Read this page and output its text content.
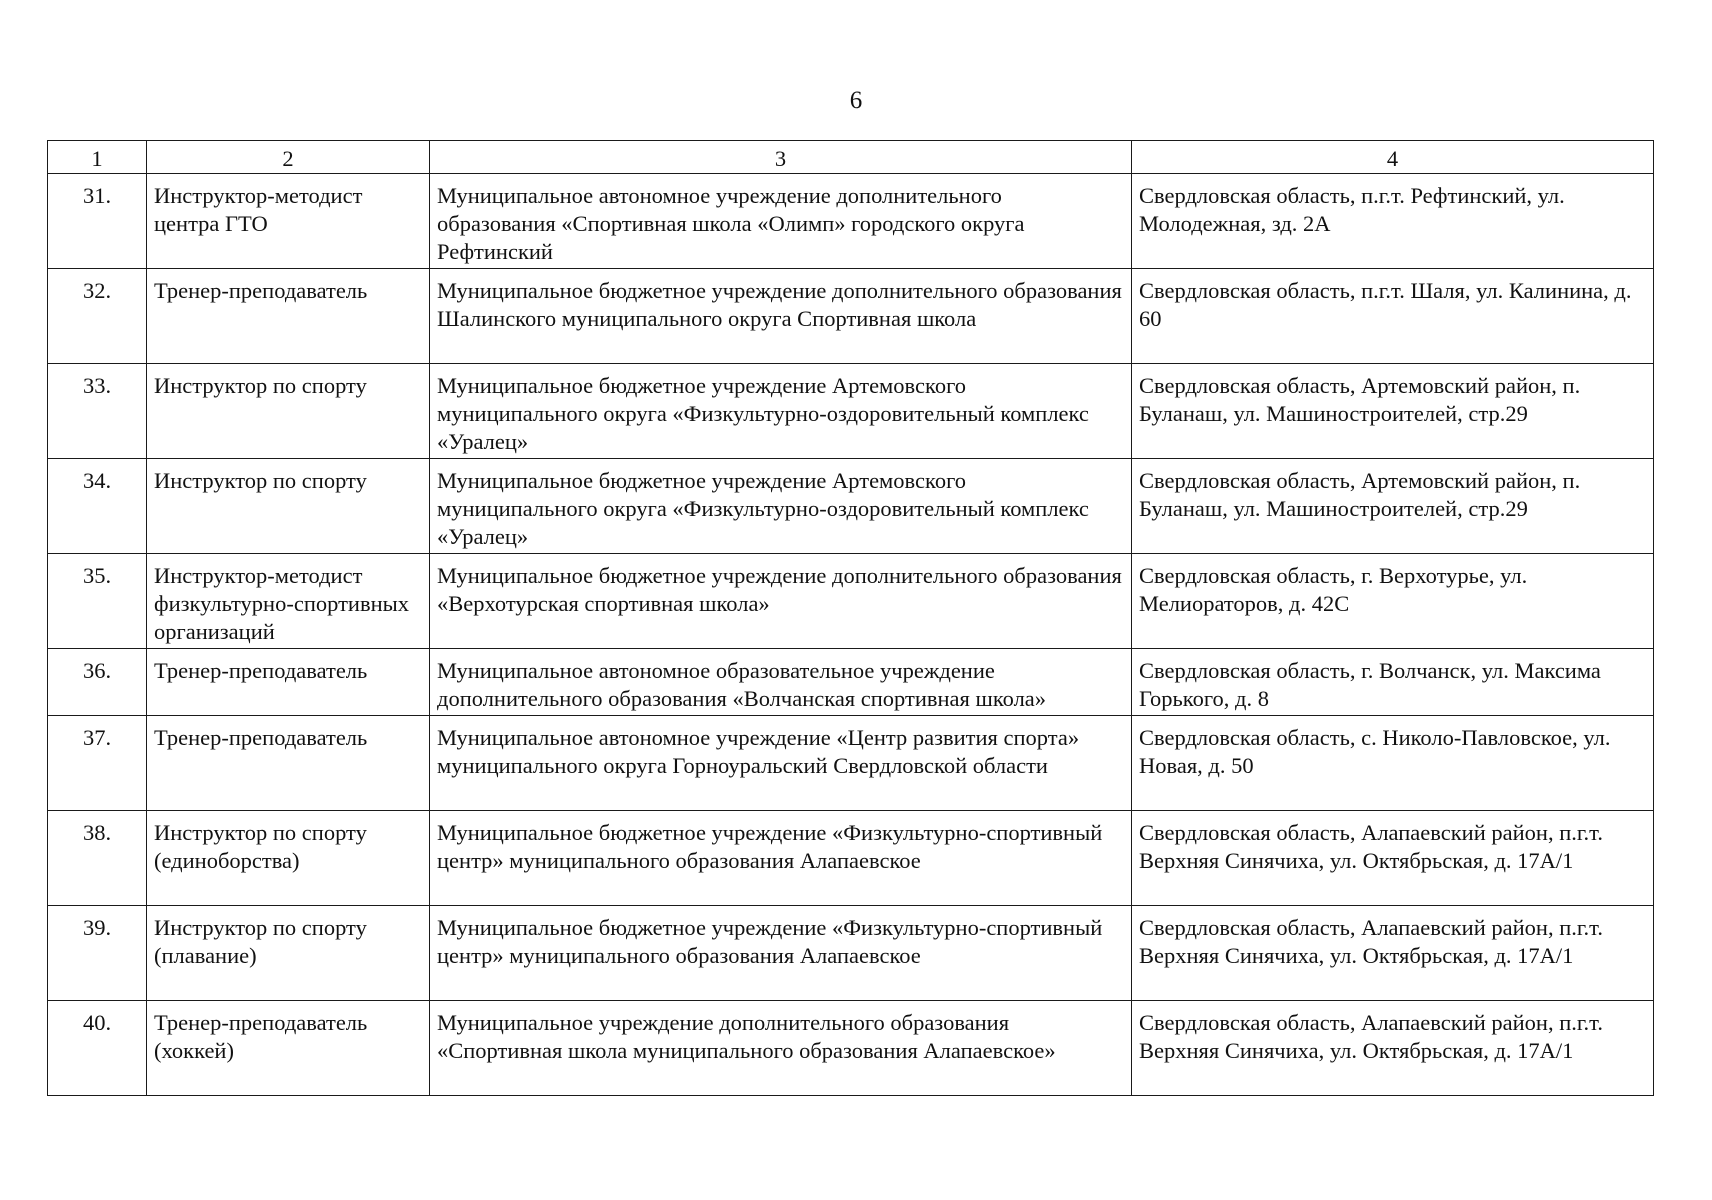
6
1	2	3	4
31.	Инструктор-методист центра ГТО	Муниципальное автономное учреждение дополнительного образования «Спортивная школа «Олимп» городского округа Рефтинский	Свердловская область, п.г.т. Рефтинский, ул. Молодежная, зд. 2А
32.	Тренер-преподаватель	Муниципальное бюджетное учреждение дополнительного образования Шалинского муниципального округа Спортивная школа	Свердловская область, п.г.т. Шаля, ул. Калинина, д. 60
33.	Инструктор по спорту	Муниципальное бюджетное учреждение Артемовского муниципального округа «Физкультурно-оздоровительный комплекс «Уралец»	Свердловская область, Артемовский район, п. Буланаш, ул. Машиностроителей, стр.29
34.	Инструктор по спорту	Муниципальное бюджетное учреждение Артемовского муниципального округа «Физкультурно-оздоровительный комплекс «Уралец»	Свердловская область, Артемовский район, п. Буланаш, ул. Машиностроителей, стр.29
35.	Инструктор-методист физкультурно-спортивных организаций	Муниципальное бюджетное учреждение дополнительного образования «Верхотурская спортивная школа»	Свердловская область, г. Верхотурье, ул. Мелиораторов, д. 42С
36.	Тренер-преподаватель	Муниципальное автономное образовательное учреждение дополнительного образования «Волчанская спортивная школа»	Свердловская область, г. Волчанск, ул. Максима Горького, д. 8
37.	Тренер-преподаватель	Муниципальное автономное учреждение «Центр развития спорта» муниципального округа Горноуральский Свердловской области	Свердловская область, с. Николо-Павловское, ул. Новая, д. 50
38.	Инструктор по спорту (единоборства)	Муниципальное бюджетное учреждение «Физкультурно-спортивный центр» муниципального образования Алапаевское	Свердловская область, Алапаевский район, п.г.т. Верхняя Синячиха, ул. Октябрьская, д. 17А/1
39.	Инструктор по спорту (плавание)	Муниципальное бюджетное учреждение «Физкультурно-спортивный центр» муниципального образования Алапаевское	Свердловская область, Алапаевский район, п.г.т. Верхняя Синячиха, ул. Октябрьская, д. 17А/1
40.	Тренер-преподаватель (хоккей)	Муниципальное учреждение дополнительного образования «Спортивная школа муниципального образования Алапаевское»	Свердловская область, Алапаевский район, п.г.т. Верхняя Синячиха, ул. Октябрьская, д. 17А/1
